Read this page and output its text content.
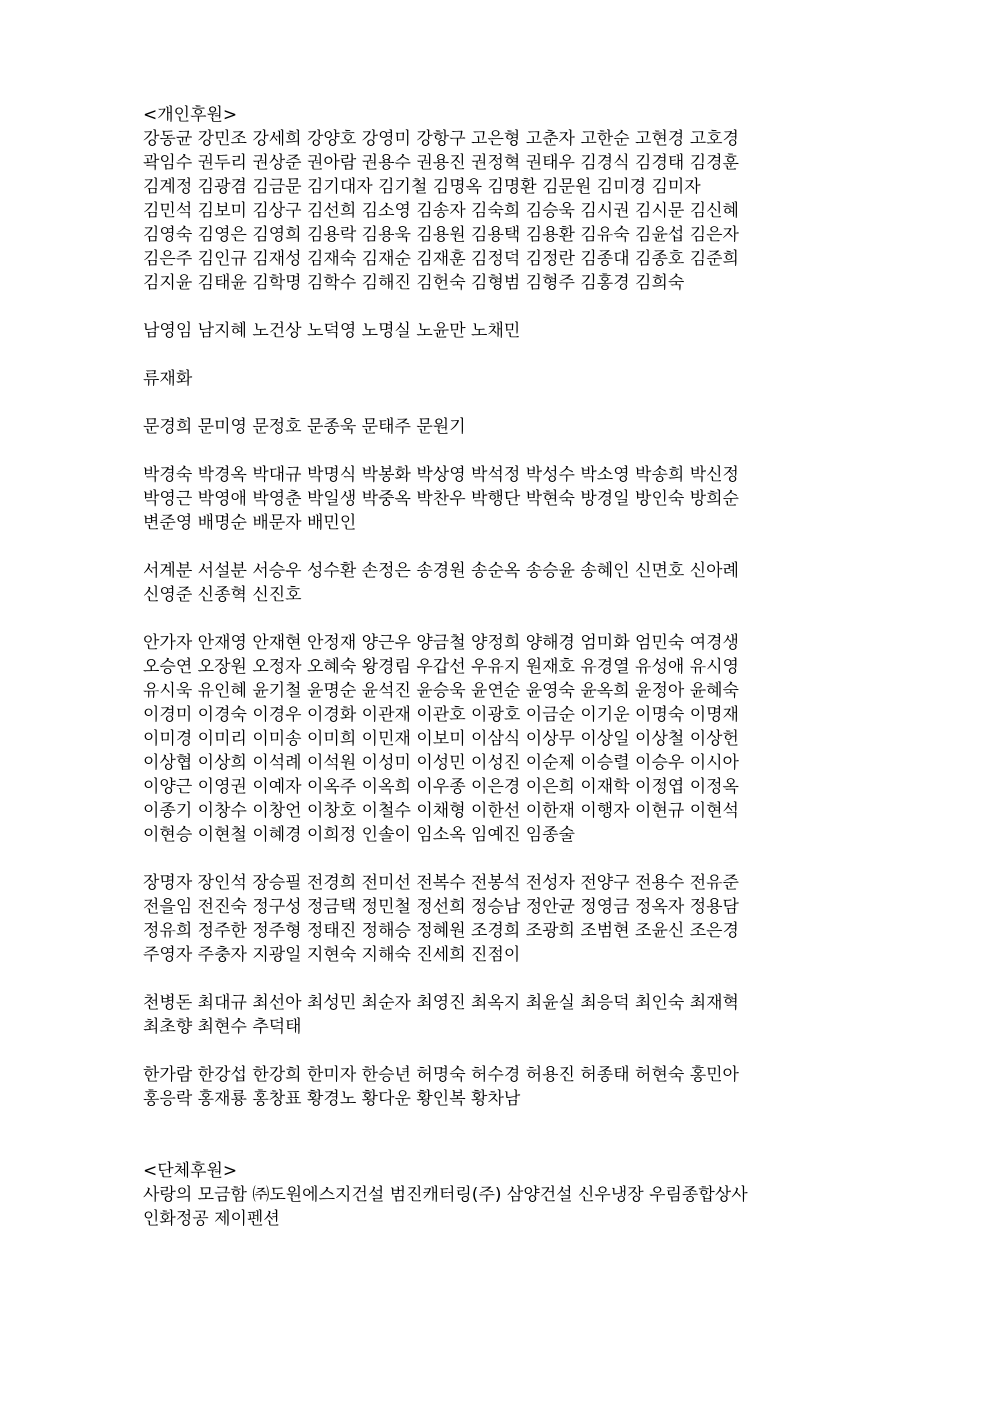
<개인후원>
강동균 강민조 강세희 강양호 강영미 강항구 고은형 고춘자 고한순 고현경 고호경
곽임수 권두리 권상준 권아람 권용수 권용진 권정혁 권태우 김경식 김경태 김경훈
김계정 김광겸 김금문 김기대자 김기철 김명옥 김명환 김문원 김미경 김미자
김민석 김보미 김상구 김선희 김소영 김송자 김숙희 김승욱 김시권 김시문 김신혜
김영숙 김영은 김영희 김용락 김용욱 김용원 김용택 김용환 김유숙 김윤섭 김은자
김은주 김인규 김재성 김재숙 김재순 김재훈 김정덕 김정란 김종대 김종호 김준희
김지윤 김태윤 김학명 김학수 김해진 김헌숙 김형범 김형주 김홍경 김희숙
남영임 남지혜 노건상 노덕영 노명실 노윤만 노채민
류재화
문경희 문미영 문정호 문종욱 문태주 문원기
박경숙 박경옥 박대규 박명식 박봉화 박상영 박석정 박성수 박소영 박송희 박신정
박영근 박영애 박영춘 박일생 박중옥 박찬우 박행단 박현숙 방경일 방인숙 방희순
변준영 배명순 배문자 배민인
서계분 서설분 서승우 성수환 손정은 송경원 송순옥 송승윤 송혜인 신면호 신아례
신영준 신종혁 신진호
안가자 안재영 안재현 안정재 양근우 양금철 양정희 양해경 엄미화 엄민숙 여경생
오승연 오장원 오정자 오혜숙 왕경림 우갑선 우유지 원재호 유경열 유성애 유시영
유시욱 유인혜 윤기철 윤명순 윤석진 윤승욱 윤연순 윤영숙 윤옥희 윤정아 윤혜숙
이경미 이경숙 이경우 이경화 이관재 이관호 이광호 이금순 이기운 이명숙 이명재
이미경 이미리 이미송 이미희 이민재 이보미 이삼식 이상무 이상일 이상철 이상헌
이상협 이상희 이석례 이석원 이성미 이성민 이성진 이순제 이승렬 이승우 이시아
이양근 이영권 이예자 이옥주 이옥희 이우종 이은경 이은희 이재학 이정엽 이정옥
이종기 이창수 이창언 이창호 이철수 이채형 이한선 이한재 이행자 이현규 이현석
이현승 이현철 이혜경 이희정 인솔이 임소옥 임예진 임종술
장명자 장인석 장승필 전경희 전미선 전복수 전봉석 전성자 전양구 전용수 전유준
전을임 전진숙 정구성 정금택 정민철 정선희 정승남 정안균 정영금 정옥자 정용담
정유희 정주한 정주형 정태진 정해승 정혜원 조경희 조광희 조범현 조윤신 조은경
주영자 주충자 지광일 지현숙 지해숙 진세희 진점이
천병돈 최대규 최선아 최성민 최순자 최영진 최옥지 최윤실 최응덕 최인숙 최재혁
최초향 최현수 추덕태
한가람 한강섭 한강희 한미자 한승년 허명숙 허수경 허용진 허종태 허현숙 홍민아
홍응락 홍재룡 홍창표 황경노 황다운 황인복 황차남
<단체후원>
사랑의 모금함 ㈜도원에스지건설 범진캐터링(주) 삼양건설 신우냉장 우림종합상사
인화정공 제이펜션
